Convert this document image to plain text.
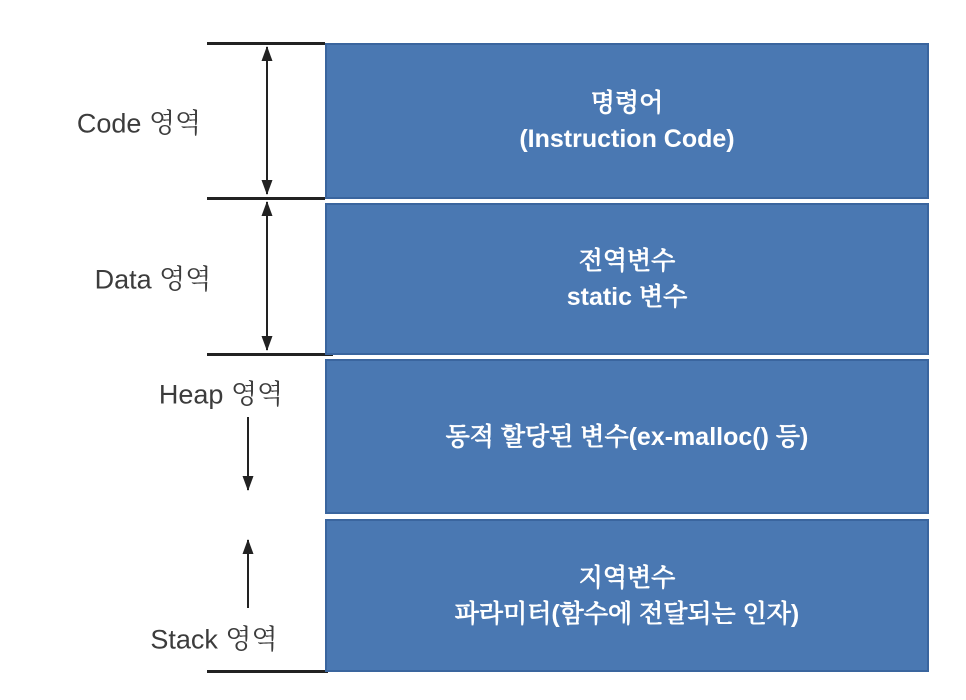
Code 영역
Data 영역
Heap 영역
Stack 영역
명령어
(Instruction Code)
전역변수
static 변수
동적 할당된 변수(ex-malloc() 등)
지역변수
파라미터(함수에 전달되는 인자)
